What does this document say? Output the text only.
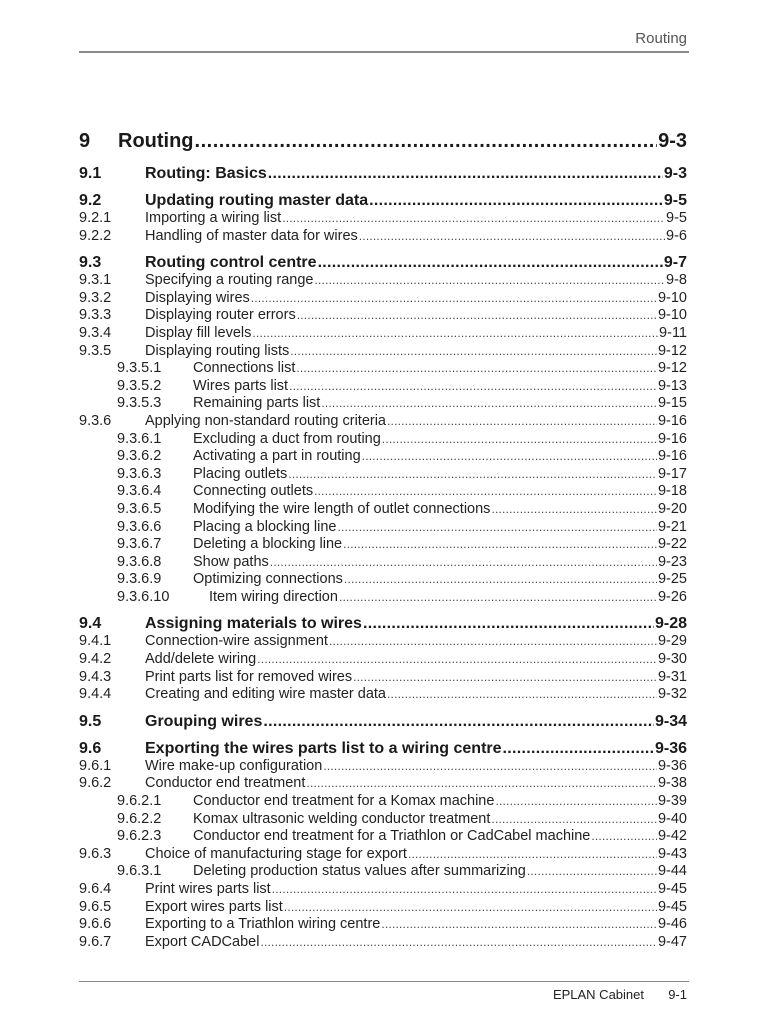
Routing
9	Routing .....	9-3
9.1	Routing: Basics .....	9-3
9.2	Updating routing master data .....	9-5
9.2.1	Importing a wiring list .....	9-5
9.2.2	Handling of master data for wires .....	9-6
9.3	Routing control centre .....	9-7
9.3.1	Specifying a routing range .....	9-8
9.3.2	Displaying wires .....	9-10
9.3.3	Displaying router errors .....	9-10
9.3.4	Display fill levels .....	9-11
9.3.5	Displaying routing lists .....	9-12
9.3.5.1	Connections list .....	9-12
9.3.5.2	Wires parts list .....	9-13
9.3.5.3	Remaining parts list .....	9-15
9.3.6	Applying non-standard routing criteria .....	9-16
9.3.6.1	Excluding a duct from routing .....	9-16
9.3.6.2	Activating a part in routing .....	9-16
9.3.6.3	Placing outlets .....	9-17
9.3.6.4	Connecting outlets .....	9-18
9.3.6.5	Modifying the wire length of outlet connections .....	9-20
9.3.6.6	Placing a blocking line .....	9-21
9.3.6.7	Deleting a blocking line .....	9-22
9.3.6.8	Show paths .....	9-23
9.3.6.9	Optimizing connections .....	9-25
9.3.6.10	Item wiring direction .....	9-26
9.4	Assigning materials to wires .....	9-28
9.4.1	Connection-wire assignment .....	9-29
9.4.2	Add/delete wiring .....	9-30
9.4.3	Print parts list for removed wires .....	9-31
9.4.4	Creating and editing wire master data .....	9-32
9.5	Grouping wires .....	9-34
9.6	Exporting the wires parts list to a wiring centre .....	9-36
9.6.1	Wire make-up configuration .....	9-36
9.6.2	Conductor end treatment .....	9-38
9.6.2.1	Conductor end treatment for a Komax machine .....	9-39
9.6.2.2	Komax ultrasonic welding conductor treatment .....	9-40
9.6.2.3	Conductor end treatment for a Triathlon or CadCabel machine .....	9-42
9.6.3	Choice of manufacturing stage for export .....	9-43
9.6.3.1	Deleting production status values after summarizing .....	9-44
9.6.4	Print wires parts list .....	9-45
9.6.5	Export wires parts list .....	9-45
9.6.6	Exporting to a Triathlon wiring centre .....	9-46
9.6.7	Export CADCabel .....	9-47
EPLAN Cabinet 9-1
